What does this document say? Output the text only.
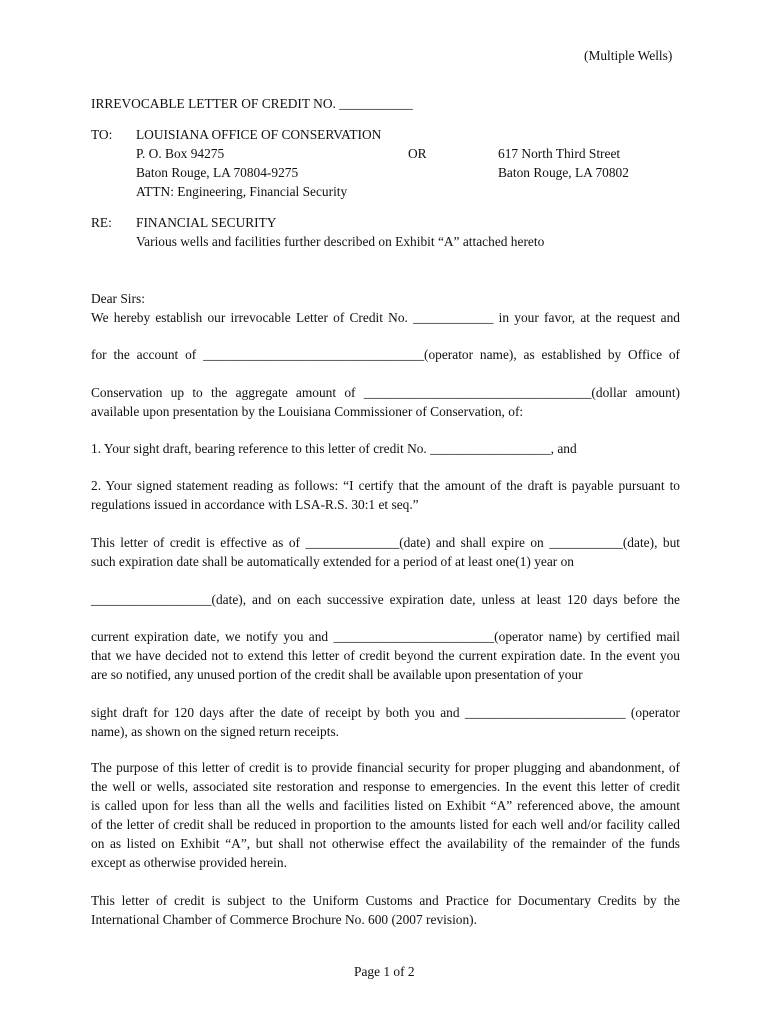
(Multiple Wells)
IRREVOCABLE LETTER OF CREDIT NO. ___________
TO: LOUISIANA OFFICE OF CONSERVATION
P. O. Box 94275
Baton Rouge, LA 70804-9275
ATTN: Engineering, Financial Security
OR	617 North Third Street
Baton Rouge, LA 70802
RE: FINANCIAL SECURITY
Various wells and facilities further described on Exhibit “A” attached hereto
Dear Sirs:
We hereby establish our irrevocable Letter of Credit No. ____________ in your favor, at the request and
for the account of _________________________________(operator name), as established by Office of
Conservation up to the aggregate amount of __________________________________(dollar amount)
available upon presentation by the Louisiana Commissioner of Conservation, of:
1. Your sight draft, bearing reference to this letter of credit No. __________________, and
2. Your signed statement reading as follows: “I certify that the amount of the draft is payable pursuant to
regulations issued in accordance with LSA-R.S. 30:1 et seq.”
This letter of credit is effective as of ______________(date) and shall expire on ___________(date), but
such expiration date shall be automatically extended for a period of at least one(1) year on
__________________(date), and on each successive expiration date, unless at least 120 days before the
current expiration date, we notify you and ________________________(operator name) by certified mail
that we have decided not to extend this letter of credit beyond the current expiration date. In the event you
are so notified, any unused portion of the credit shall be available upon presentation of your
sight draft for 120 days after the date of receipt by both you and ________________________ (operator
name), as shown on the signed return receipts.
The purpose of this letter of credit is to provide financial security for proper plugging and abandonment, of
the well or wells, associated site restoration and response to emergencies. In the event this letter of credit
is called upon for less than all the wells and facilities listed on Exhibit “A” referenced above, the amount
of the letter of credit shall be reduced in proportion to the amounts listed for each well and/or facility called
on as listed on Exhibit “A”, but shall not otherwise effect the availability of the remainder of the funds
except as otherwise provided herein.
This letter of credit is subject to the Uniform Customs and Practice for Documentary Credits by the
International Chamber of Commerce Brochure No. 600 (2007 revision).
Page 1 of 2
